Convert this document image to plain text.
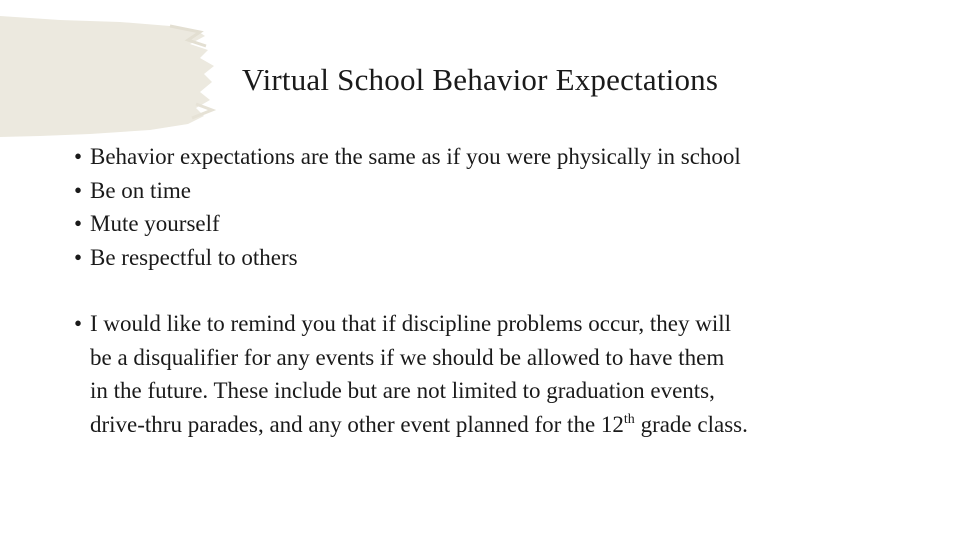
Virtual School Behavior Expectations
• Behavior expectations are the same as if you were physically in school
• Be on time
• Mute yourself
• Be respectful to others
• I would like to remind you that if discipline problems occur, they will
be a disqualifier for any events if we should be allowed to have them
in the future. These include but are not limited to graduation events,
drive-thru parades, and any other event planned for the 12th grade class.
